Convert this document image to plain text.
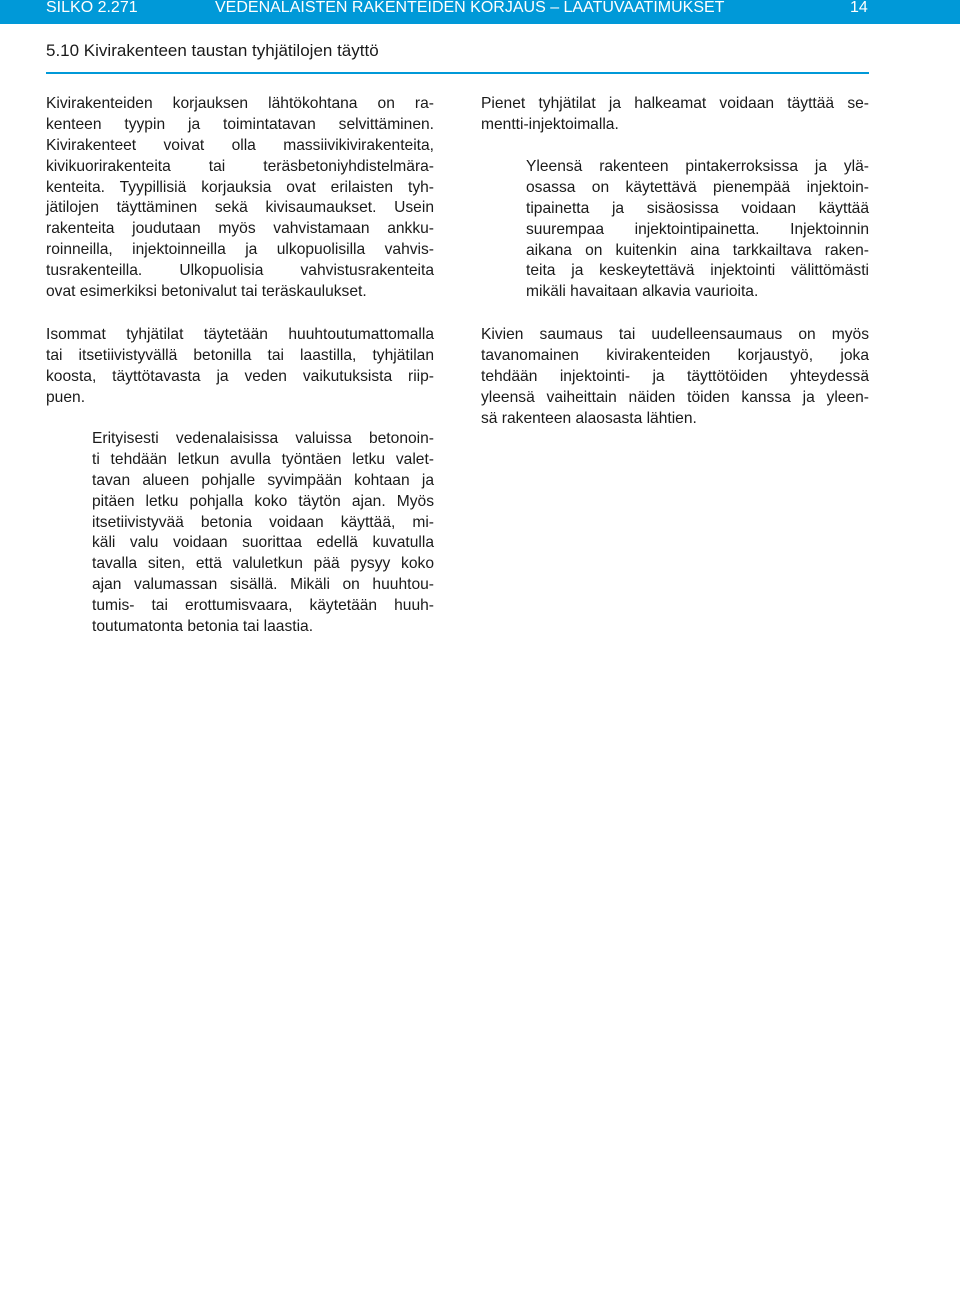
SILKO 2.271	VEDENALAISTEN RAKENTEIDEN KORJAUS – LAATUVAATIMUKSET	14
5.10 Kivirakenteen taustan tyhjätilojen täyttö

Kivirakenteiden korjauksen lähtökohtana on ra-
kenteen tyypin ja toimintatavan selvittäminen.
Kivirakenteet voivat olla massiivikivirakenteita,
kivikuorirakenteita tai teräsbetoniyhdistelmära-
kenteita. Tyypillisiä korjauksia ovat erilaisten tyh-
jätilojen täyttäminen sekä kivisaumaukset. Usein
rakenteita joudutaan myös vahvistamaan ankku-
roinneilla, injektoinneilla ja ulkopuolisilla vahvis-
tusrakenteilla. Ulkopuolisia vahvistusrakenteita
ovat esimerkiksi betonivalut tai teräskaulukset.

Isommat tyhjätilat täytetään huuhtoutumattomalla
tai itsetiivistyvällä betonilla tai laastilla, tyhjätilan
koosta, täyttötavasta ja veden vaikutuksista riip-
puen.

Erityisesti vedenalaisissa valuissa betonoin-
ti tehdään letkun avulla työntäen letku valet-
tavan alueen pohjalle syvimpään kohtaan ja
pitäen letku pohjalla koko täytön ajan. Myös
itsetiivistyvää betonia voidaan käyttää, mi-
käli valu voidaan suorittaa edellä kuvatulla
tavalla siten, että valuletkun pää pysyy koko
ajan valumassan sisällä. Mikäli on huuhtou-
tumis- tai erottumisvaara, käytetään huuh-
toutumatonta betonia tai laastia.

Pienet tyhjätilat ja halkeamat voidaan täyttää se-
mentti-injektoimalla.

Yleensä rakenteen pintakerroksissa ja ylä-
osassa on käytettävä pienempää injektoin-
tipainetta ja sisäosissa voidaan käyttää
suurempaa injektointipainetta. Injektoinnin
aikana on kuitenkin aina tarkkailtava raken-
teita ja keskeytettävä injektointi välittömästi
mikäli havaitaan alkavia vaurioita.

Kivien saumaus tai uudelleensaumaus on myös
tavanomainen kivirakenteiden korjaustyö, joka
tehdään injektointi- ja täyttötöiden yhteydessä
yleensä vaiheittain näiden töiden kanssa ja yleen-
sä rakenteen alaosasta lähtien.
